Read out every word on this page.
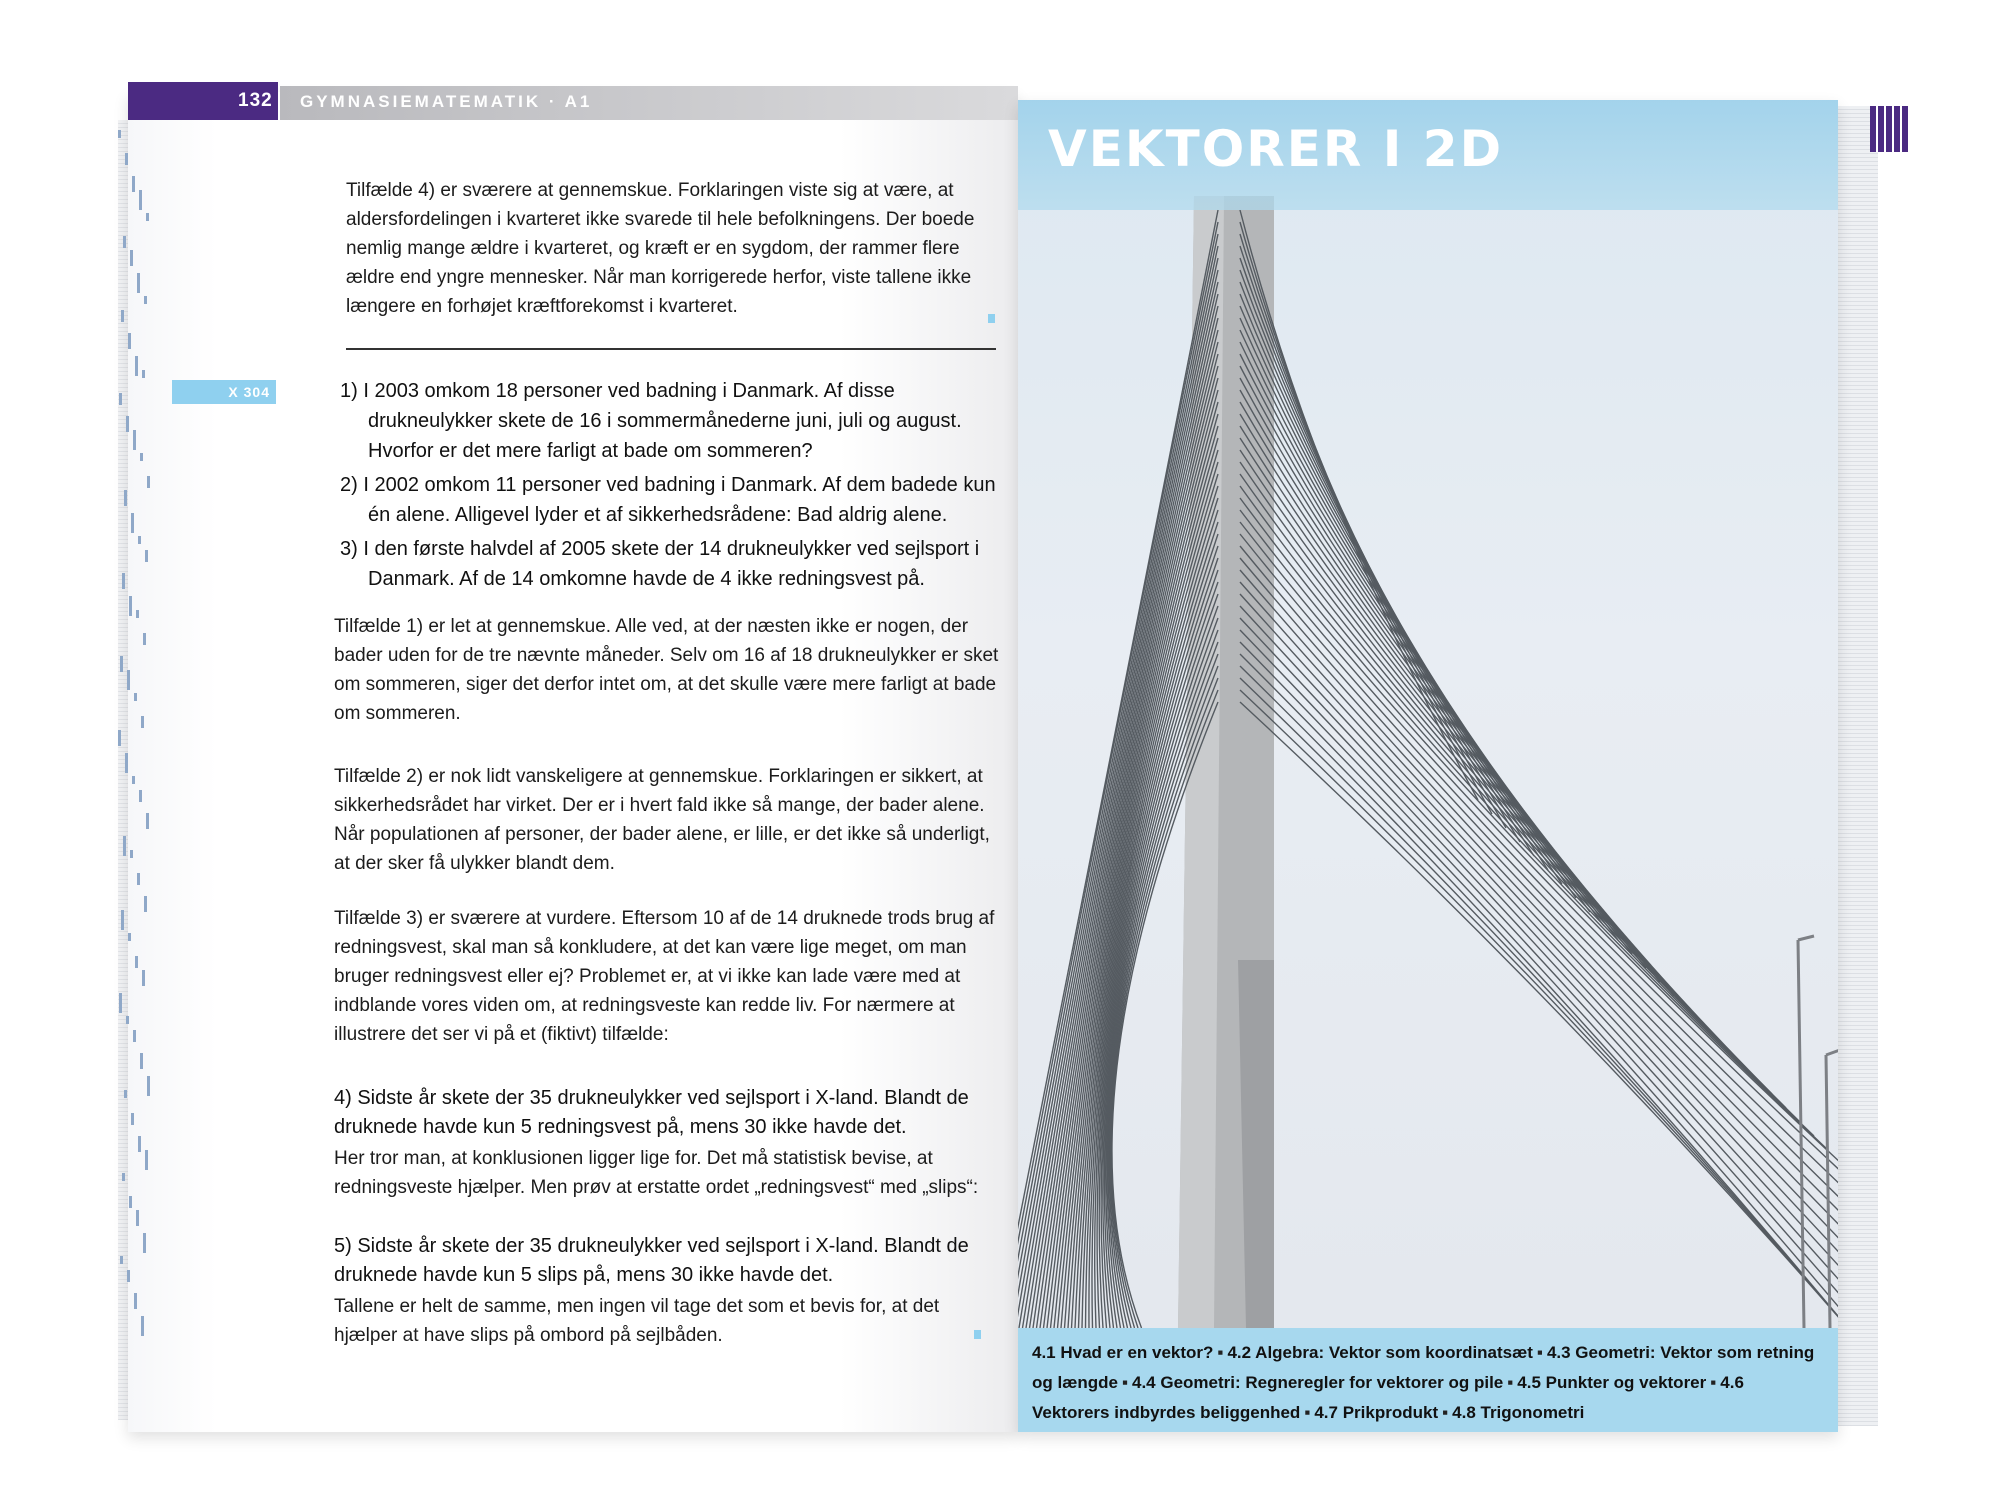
132 GYMNASIEMATEMATIK · A1
Tilfælde 4) er sværere at gennemskue. Forklaringen viste sig at være, at aldersfordelingen i kvarteret ikke svarede til hele befolkningens. Der boede nemlig mange ældre i kvarteret, og kræft er en sygdom, der rammer flere ældre end yngre mennesker. Når man korrigerede herfor, viste tallene ikke længere en forhøjet kræftforekomst i kvarteret.
X 304	1) I 2003 omkom 18 personer ved badning i Danmark. Af disse drukneulykker skete de 16 i sommermånederne juni, juli og august. Hvorfor er det mere farligt at bade om sommeren?

2) I 2002 omkom 11 personer ved badning i Danmark. Af dem badede kun én alene. Alligevel lyder et af sikkerhedsrådene: Bad aldrig alene.

3) I den første halvdel af 2005 skete der 14 drukneulykker ved sejlsport i Danmark. Af de 14 omkomne havde de 4 ikke redningsvest på.

Tilfælde 1) er let at gennemskue. Alle ved, at der næsten ikke er nogen, der bader uden for de tre nævnte måneder. Selv om 16 af 18 drukneulykker er sket om sommeren, siger det derfor intet om, at det skulle være mere farligt at bade om sommeren.
Tilfælde 2) er nok lidt vanskeligere at gennemskue. Forklaringen er sikkert, at sikkerhedsrådet har virket. Der er i hvert fald ikke så mange, der bader alene. Når populationen af personer, der bader alene, er lille, er det ikke så underligt, at der sker få ulykker blandt dem.
Tilfælde 3) er sværere at vurdere. Eftersom 10 af de 14 druknede trods brug af redningsvest, skal man så konkludere, at det kan være lige meget, om man bruger redningsvest eller ej? Problemet er, at vi ikke kan lade være med at indblande vores viden om, at redningsveste kan redde liv. For nærmere at illustrere det ser vi på et (fiktivt) tilfælde:
4) Sidste år skete der 35 drukneulykker ved sejlsport i X-land. Blandt de druknede havde kun 5 redningsvest på, mens 30 ikke havde det.
Her tror man, at konklusionen ligger lige for. Det må statistisk bevise, at redningsveste hjælper. Men prøv at erstatte ordet „redningsvest“ med „slips“:
5) Sidste år skete der 35 drukneulykker ved sejlsport i X-land. Blandt de druknede havde kun 5 slips på, mens 30 ikke havde det.
Tallene er helt de samme, men ingen vil tage det som et bevis for, at det hjælper at have slips på ombord på sejlbåden.
VEKTORER I 2D
4.1 Hvad er en vektor? ▪ 4.2 Algebra: Vektor som koordinatsæt ▪ 4.3 Geometri: Vektor som retning og længde ▪ 4.4 Geometri: Regneregler for vektorer og pile ▪ 4.5 Punkter og vektorer ▪ 4.6 Vektorers indbyrdes beliggenhed ▪ 4.7 Prikprodukt ▪ 4.8 Trigonometri
